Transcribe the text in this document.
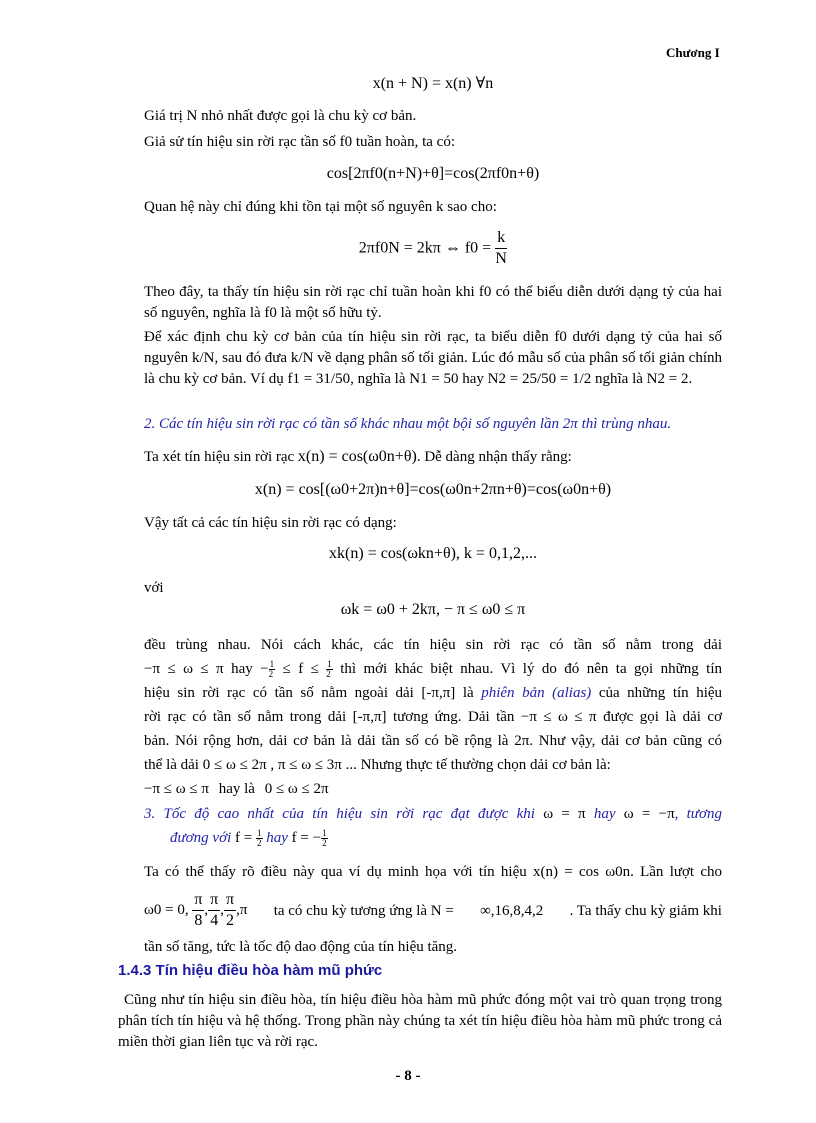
Chương I
x(n + N) = x(n) ∀n

Giá trị N nhỏ nhất được gọi là chu kỳ cơ bản.

Giả sử tín hiệu sin rời rạc tần số f0 tuần hoàn, ta có:

cos[2πf0(n+N)+θ]=cos(2πf0n+θ)

Quan hệ này chỉ đúng khi tồn tại một số nguyên k sao cho:

2πf0N = 2kπ ⇔ $f0 = \frac{k}{N}$

Theo đây, ta thấy tín hiệu sin rời rạc chỉ tuần hoàn khi f0 có thể biểu diễn dưới dạng tỷ của hai số nguyên, nghĩa là f0 là một số hữu tỷ.

Để xác định chu kỳ cơ bản của tín hiệu sin rời rạc, ta biểu diễn f0 dưới dạng tỷ của hai số nguyên k/N, sau đó đưa k/N về dạng phân số tối giản. Lúc đó mẫu số của phân số tối giản chính là chu kỳ cơ bản. Ví dụ f1 = 31/50, nghĩa là N1 = 50 hay N2 = 25/50 = 1/2 nghĩa là N2 = 2.

2. Các tín hiệu sin rời rạc có tần số khác nhau một bội số nguyên lần 2π thì trùng nhau.
Ta xét tín hiệu sin rời rạc x(n) = cos(ω0n+θ). Dễ dàng nhận thấy rằng:
x(n) = cos[(ω0+2π)n+θ]=cos(ω0n+2πn+θ)=cos(ω0n+θ)

Vậy tất cả các tín hiệu sin rời rạc có dạng:

xk(n) = cos(ωkn+θ), k = 0,1,2,...

với

ωk = ω0 + 2kπ, − π ≤ ω0 ≤ π
đều trùng nhau. Nói cách khác, các tín hiệu sin rời rạc có tần số nằm trong dải
−π ≤ ω ≤ π hay − $\frac{1}{2} \le f \le \frac{1}{2}$ thì mới khác biệt nhau. Vì lý do đó nên ta gọi những tín
hiệu sin rời rạc có tần số nằm ngoài dải [-π,π] là phiên bản (alias) của những tín hiệu
rời rạc có tần số nằm trong dải [-π,π] tương ứng. Dải tần −π ≤ ω ≤ π được gọi là dải cơ
bản. Nói rộng hơn, dải cơ bản là dải tần số có bề rộng là 2π. Như vậy, dải cơ bản cũng có
thể là dải 0 ≤ ω ≤ 2π , π ≤ ω ≤ 3π ... Nhưng thực tế thường chọn dải cơ bản là:
−π ≤ ω ≤ π hay là 0 ≤ ω ≤ 2π
3. Tốc độ cao nhất của tín hiệu sin rời rạc đạt được khi ω = π hay ω = −π, tương
đương với $f = \frac{1}{2}$ hay f = − $\frac{1}{2}$
Ta có thể thấy rõ điều này qua ví dụ minh họa với tín hiệu x(n) = cos ω0n. Lần lượt cho
ω0 = 0, $\frac{\pi}{8}$ , $\frac{\pi}{4}$ , $\frac{\pi}{2} ,\pi$ ta có chu kỳ tương ứng là N = ∞,16,8,4,2 . Ta thấy chu kỳ giảm khi
tần số tăng, tức là tốc độ dao động của tín hiệu tăng.
1.4.3 Tín hiệu điều hòa hàm mũ phức

Cũng như tín hiệu sin điều hòa, tín hiệu điều hòa hàm mũ phức đóng một vai trò quan trọng trong phân tích tín hiệu và hệ thống. Trong phần này chúng ta xét tín hiệu điều hòa hàm mũ phức trong cả miền thời gian liên tục và rời rạc.

- 8 -
